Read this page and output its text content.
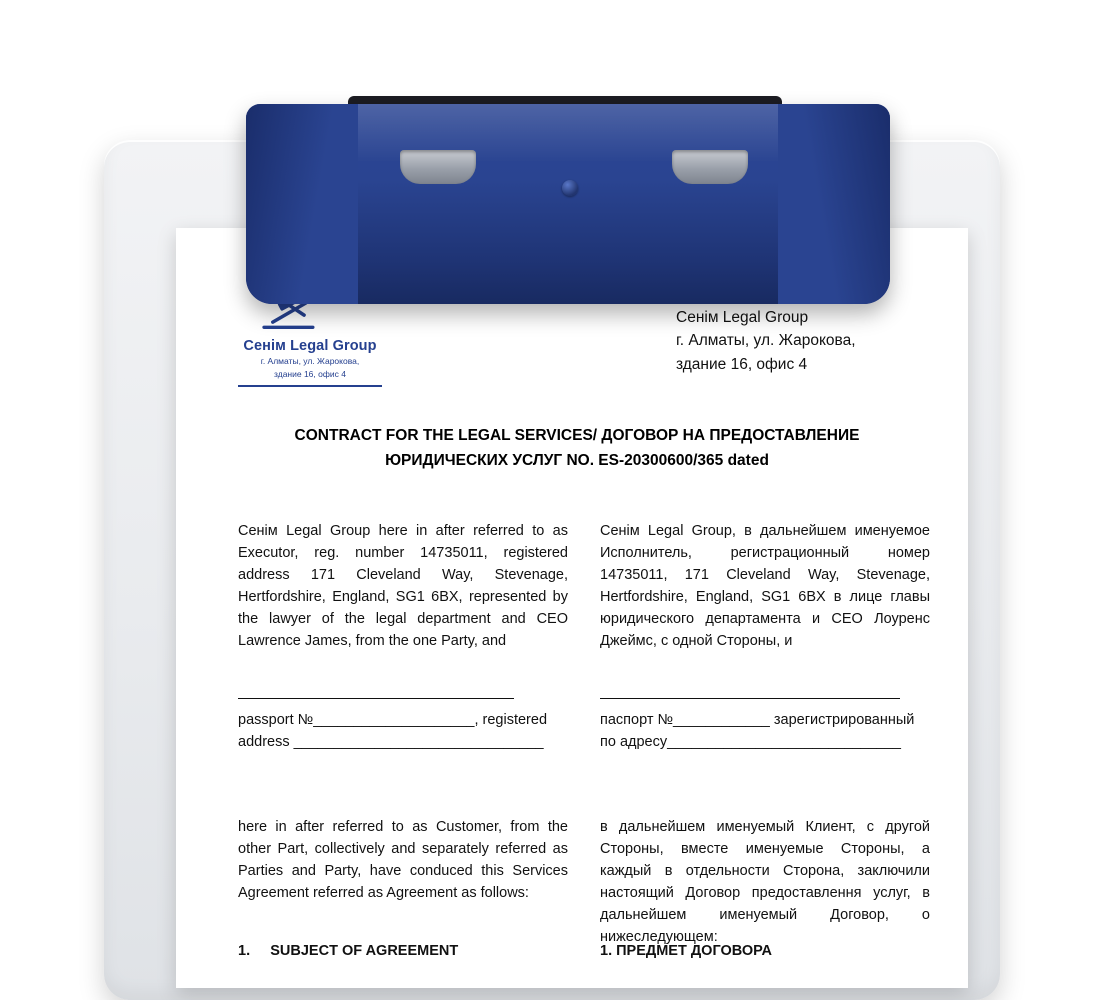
Сенім Legal Group
г. Алматы, ул. Жарокова,
здание 16, офис 4
Сенім Legal Group
г. Алматы, ул. Жарокова,
здание 16, офис 4
CONTRACT FOR THE LEGAL SERVICES/ ДОГОВОР НА ПРЕДОСТАВЛЕНИЕ ЮРИДИЧЕСКИХ УСЛУГ NO. ES-20300600/365 dated
Сенім Legal Group here in after referred to as Executor, reg. number 14735011, registered address 171 Cleveland Way, Stevenage, Hertfordshire, England, SG1 6BX, represented by the lawyer of the legal department and CEO Lawrence James, from the one Party, and
Сенім Legal Group, в дальнейшем именуемое Исполнитель, регистрационный номер 14735011, 171 Cleveland Way, Stevenage, Hertfordshire, England, SG1 6BX в лице главы юридического департамента и CEO Лоуренс Джеймс, с одной Стороны, и
passport №____________________, registered
address _______________________________
паспорт №____________ зарегистрированный
по адресу_____________________________
here in after referred to as Customer, from the other Part, collectively and separately referred as Parties and Party, have conduced this Services Agreement referred as Agreement as follows:
в дальнейшем именуемый Клиент, с другой Стороны, вместе именуемые Стороны, а каждый в отдельности Сторона, заключили настоящий Договор предоставлення услуг, в дальнейшем именуемый Договор, о нижеследующем:
1. SUBJECT OF AGREEMENT	1. ПРЕДМЕТ ДОГОВОРА
